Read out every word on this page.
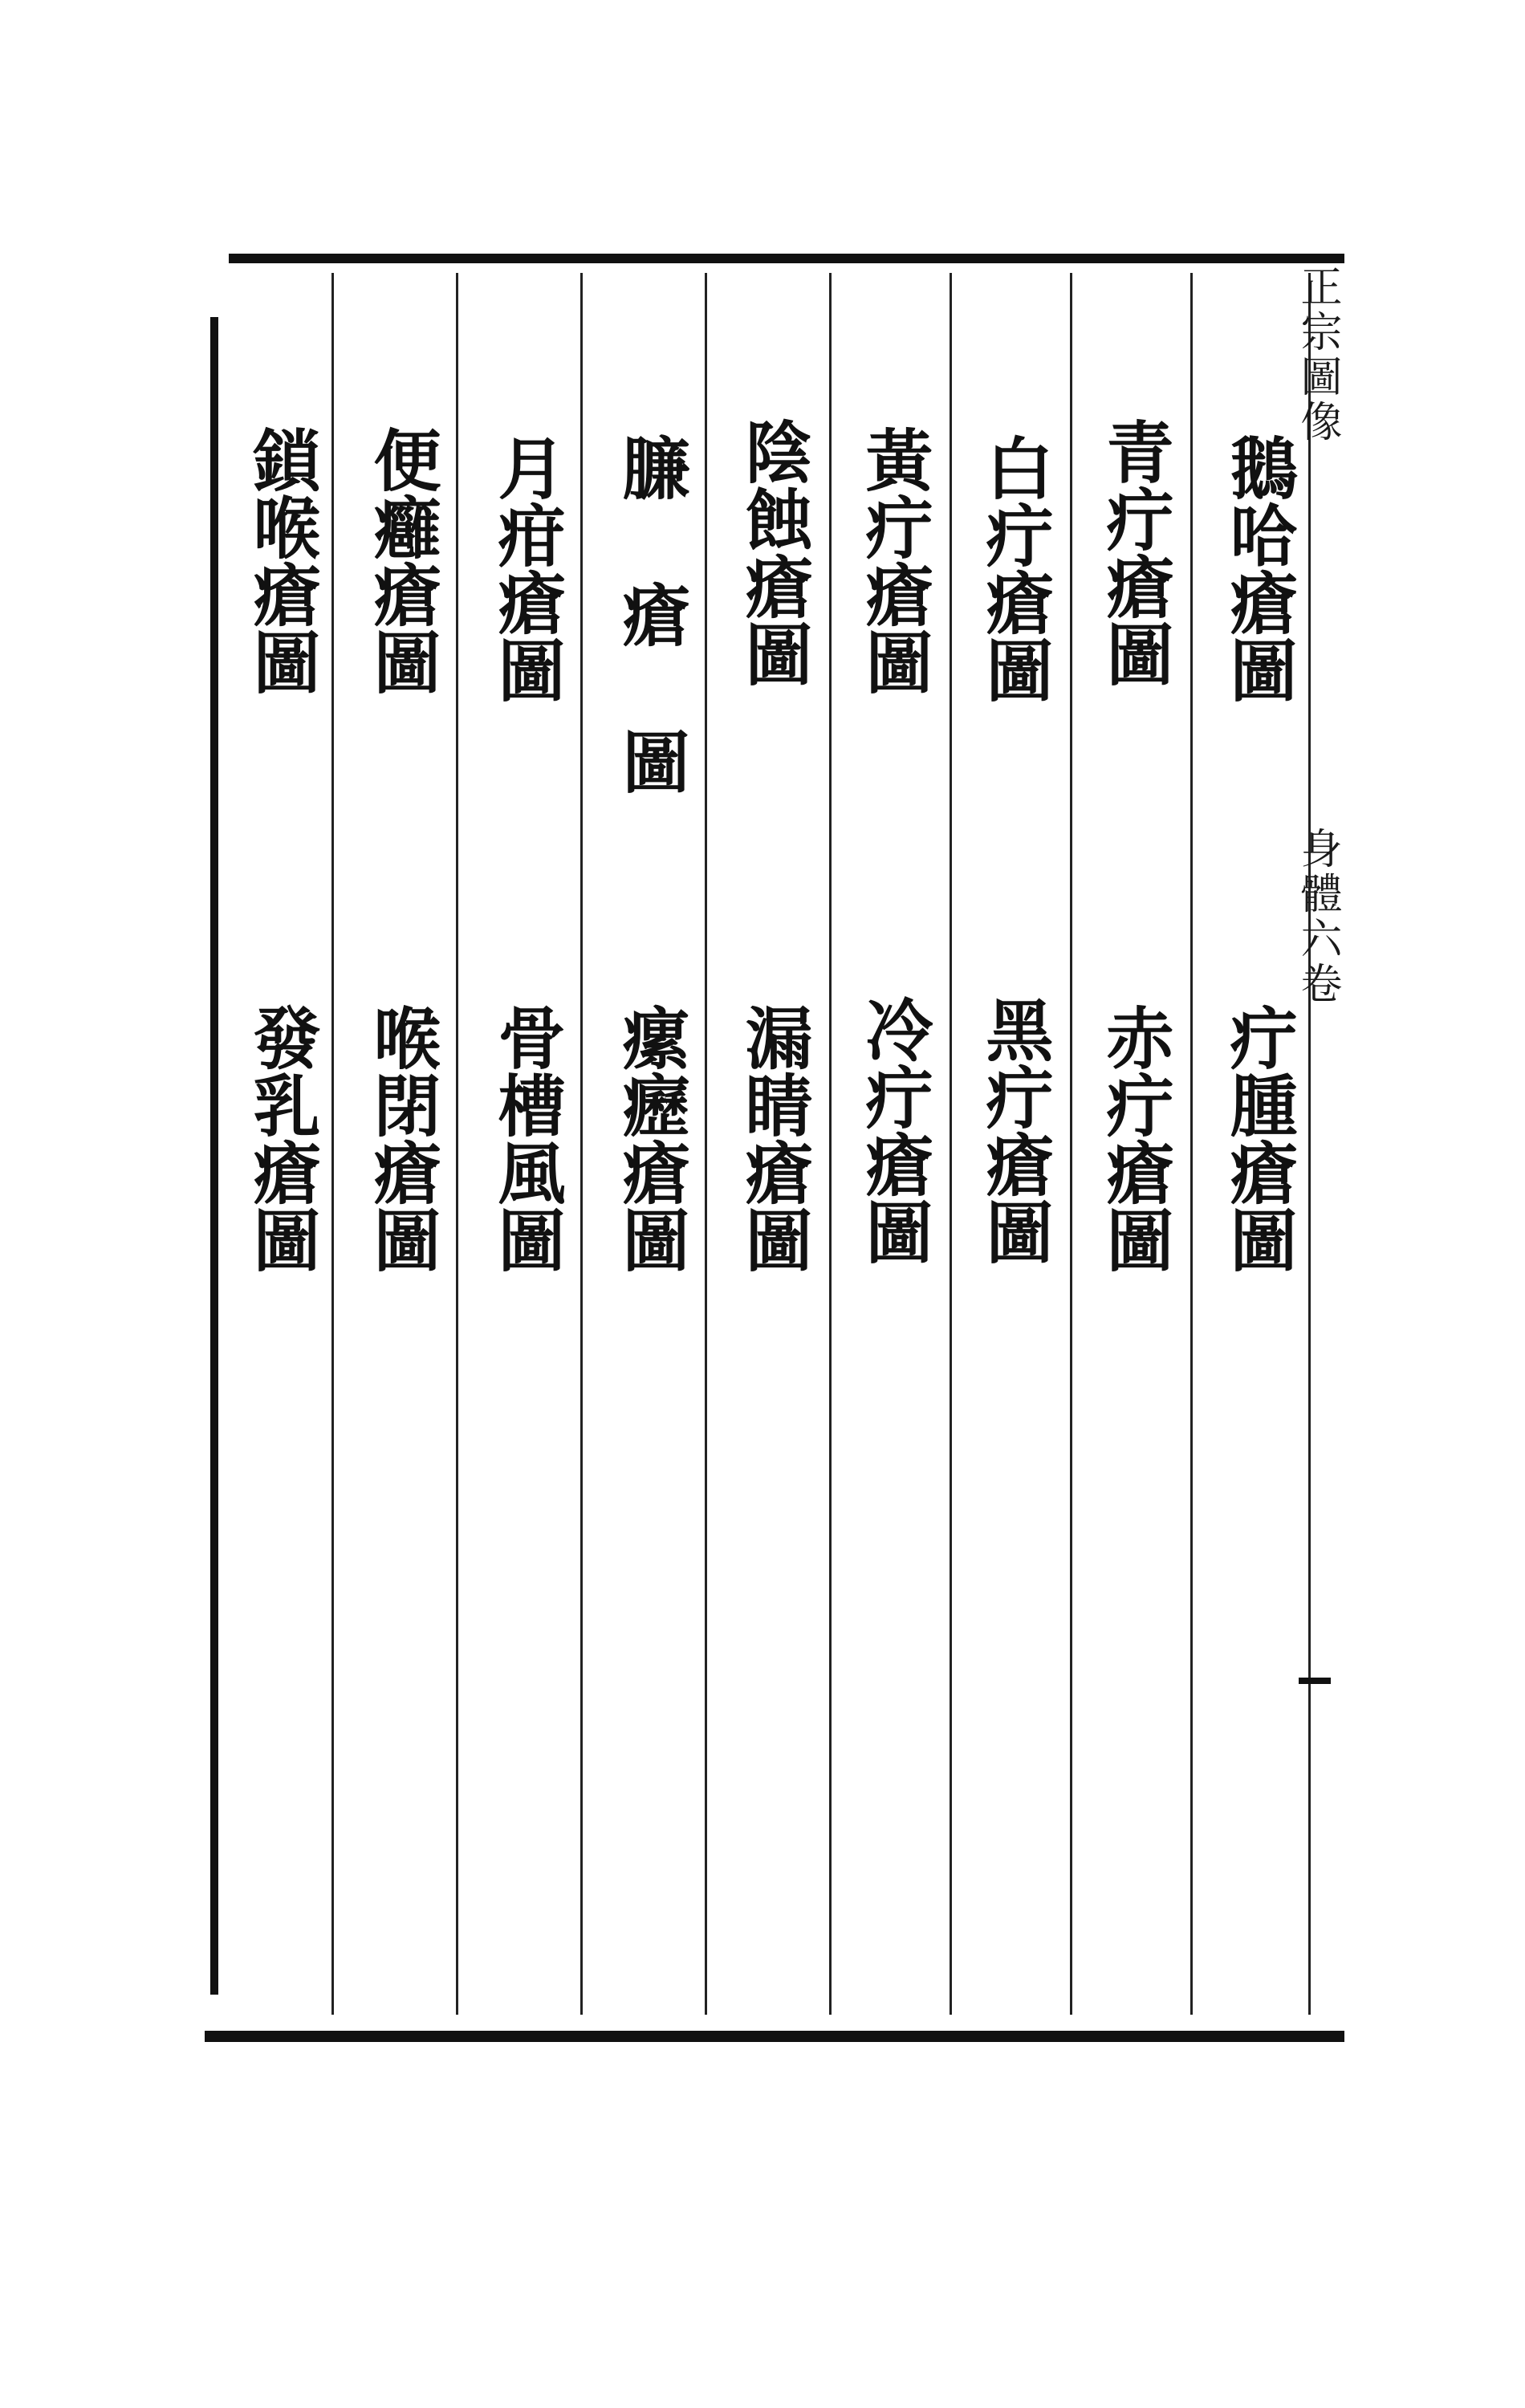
正宗圖像
身體六卷
鵝哈瘡圖
疔腫瘡圖
青疔瘡圖
赤疔瘡圖
白疔瘡圖
黑疔瘡圖
黃疔瘡圖
冷疔瘡圖
陰蝕瘡圖
漏睛瘡圖
臁 瘡 圖
瘰癧瘡圖
月疳瘡圖
骨槽風圖
便癰瘡圖
喉閉瘡圖
鎖喉瘡圖
發乳瘡圖
